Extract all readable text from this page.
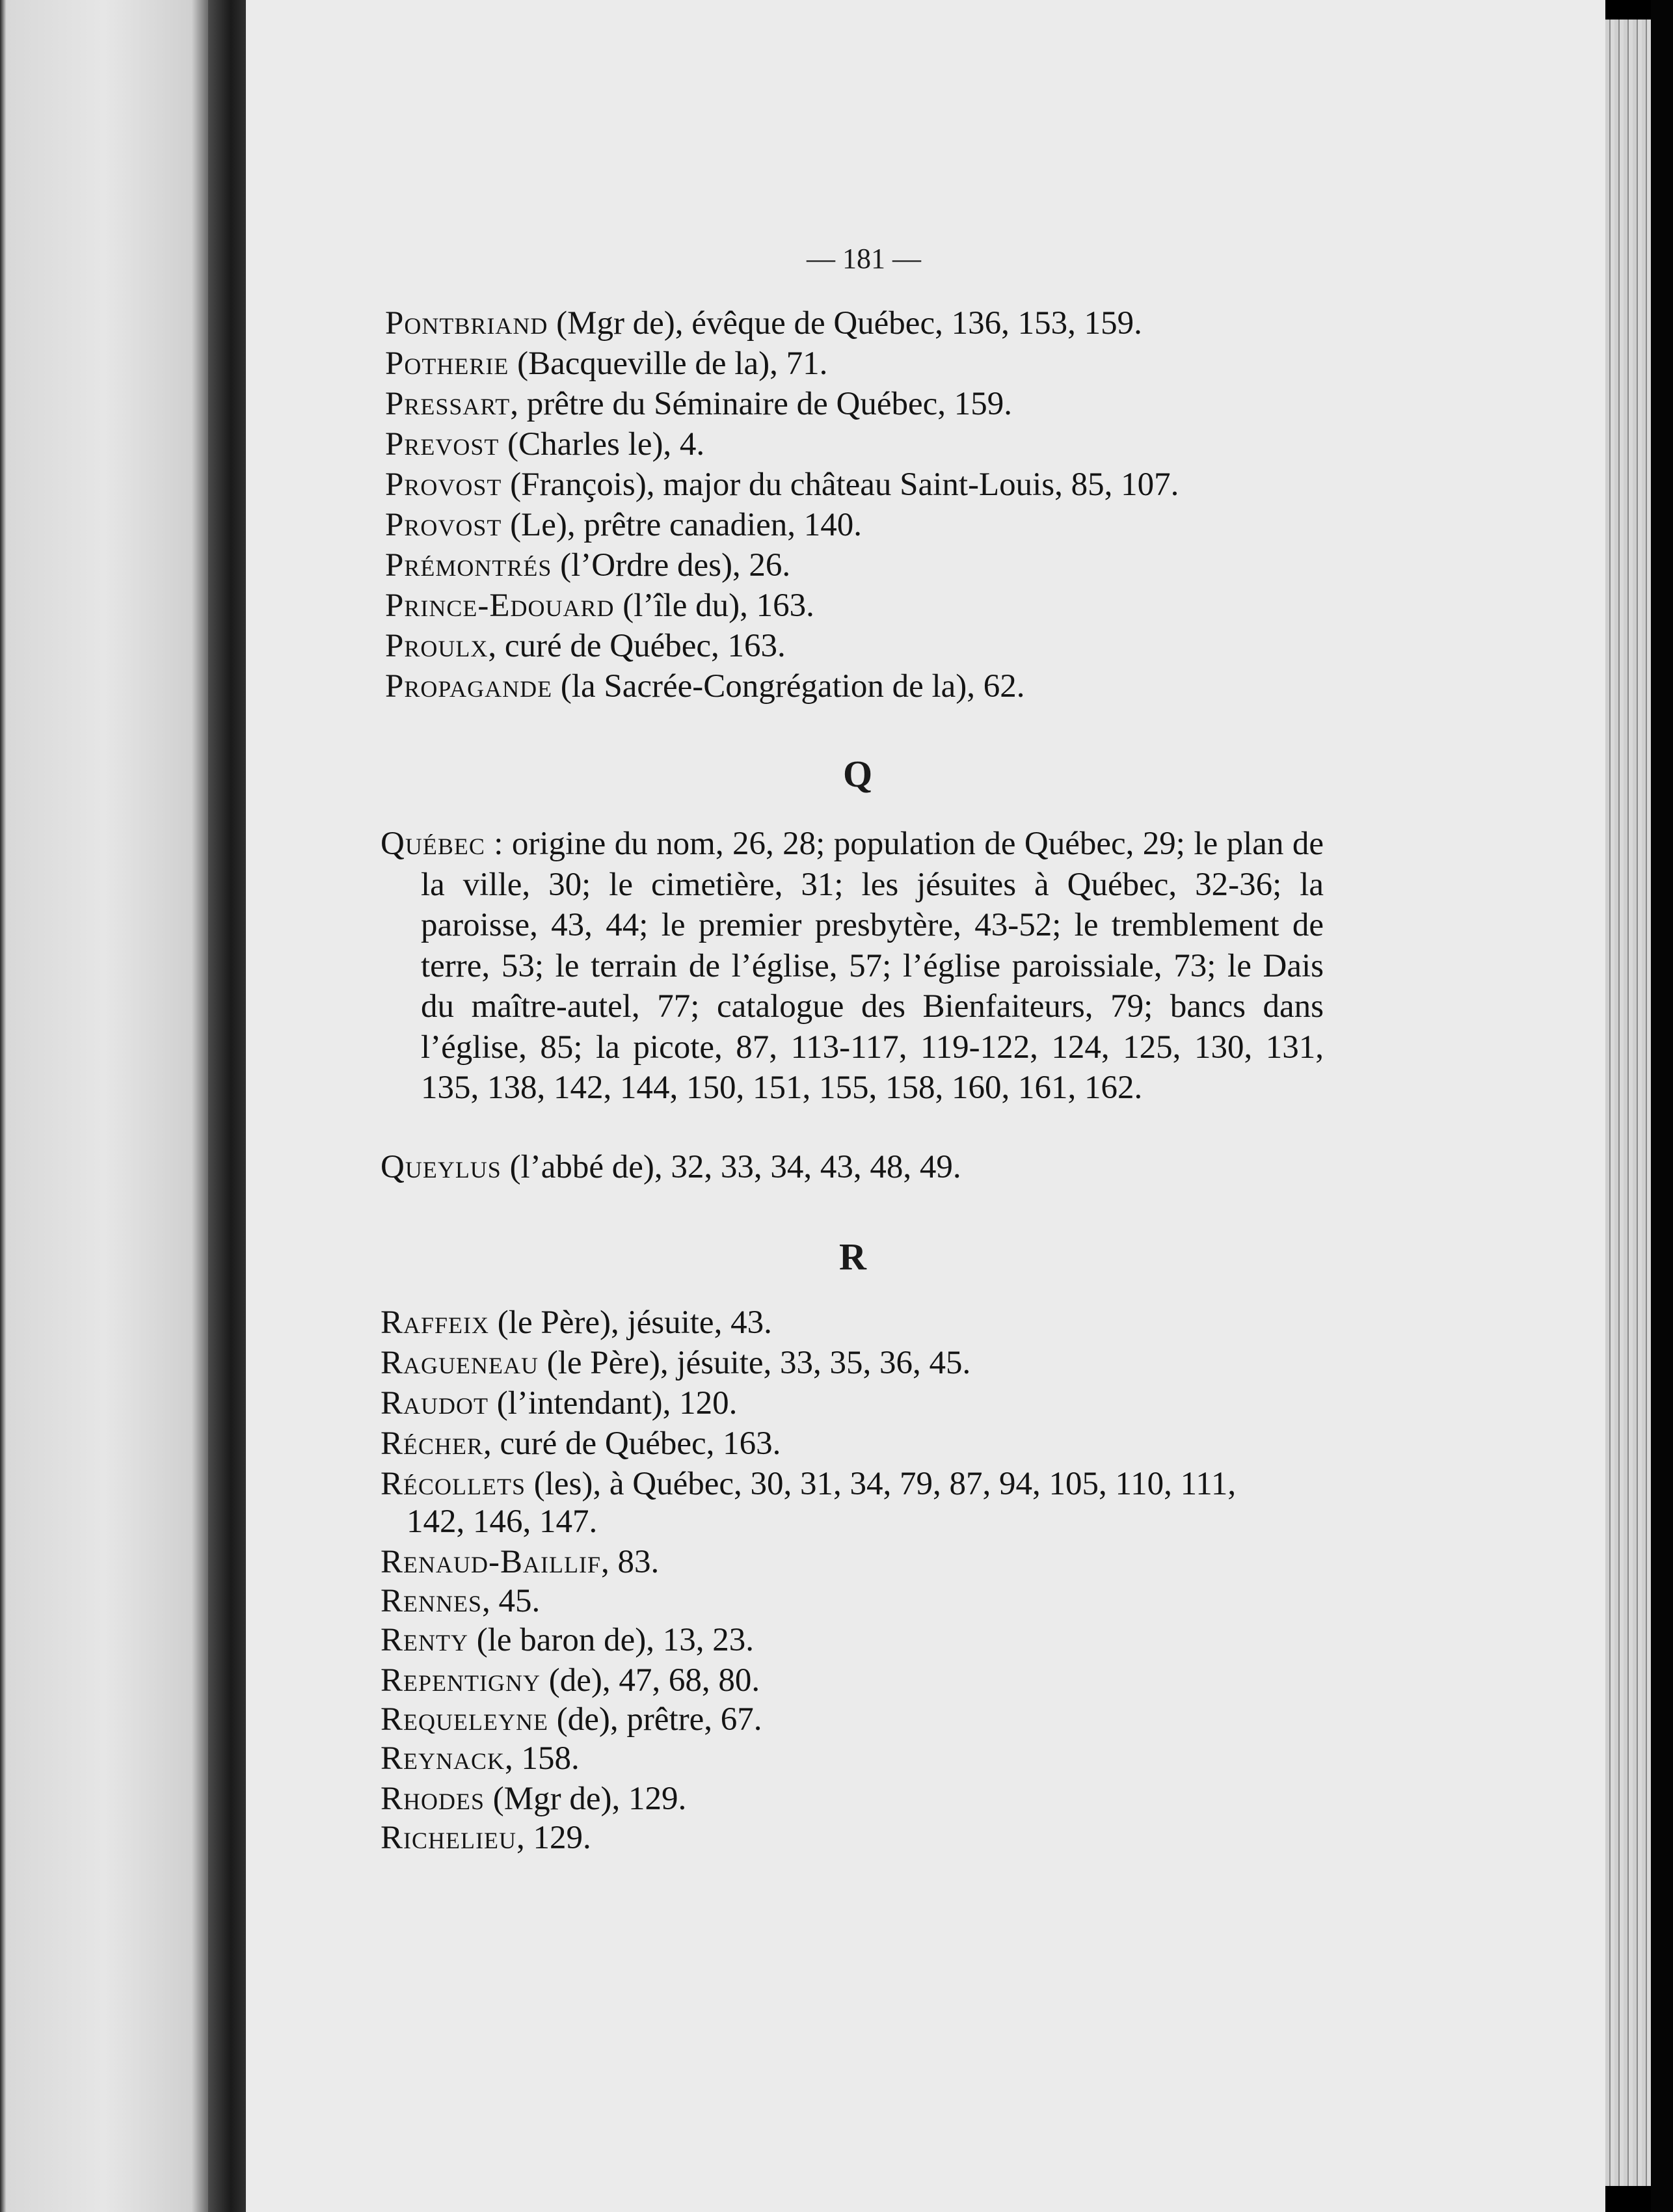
— 181 —
Pontbriand (Mgr de), évêque de Québec, 136, 153, 159.
Potherie (Bacqueville de la), 71.
Pressart, prêtre du Séminaire de Québec, 159.
Prevost (Charles le), 4.
Provost (François), major du château Saint-Louis, 85, 107.
Provost (Le), prêtre canadien, 140.
Prémontrés (l’Ordre des), 26.
Prince-Edouard (l’île du), 163.
Proulx, curé de Québec, 163.
Propagande (la Sacrée-Congrégation de la), 62.
Q
Québec : origine du nom, 26, 28; population de Québec, 29; le plan de la ville, 30; le cimetière, 31; les jésuites à Québec, 32-36; la paroisse, 43, 44; le premier presbytère, 43-52; le tremblement de terre, 53; le terrain de l’église, 57; l’église paroissiale, 73; le Dais du maître-autel, 77; catalogue des Bienfaiteurs, 79; bancs dans l’église, 85; la picote, 87, 113-117, 119-122, 124, 125, 130, 131, 135, 138, 142, 144, 150, 151, 155, 158, 160, 161, 162.
Queylus (l’abbé de), 32, 33, 34, 43, 48, 49.
R
Raffeix (le Père), jésuite, 43.
Ragueneau (le Père), jésuite, 33, 35, 36, 45.
Raudot (l’intendant), 120.
Récher, curé de Québec, 163.
Récollets (les), à Québec, 30, 31, 34, 79, 87, 94, 105, 110, 111,
142, 146, 147.
Renaud-Baillif, 83.
Rennes, 45.
Renty (le baron de), 13, 23.
Repentigny (de), 47, 68, 80.
Requeleyne (de), prêtre, 67.
Reynack, 158.
Rhodes (Mgr de), 129.
Richelieu, 129.
